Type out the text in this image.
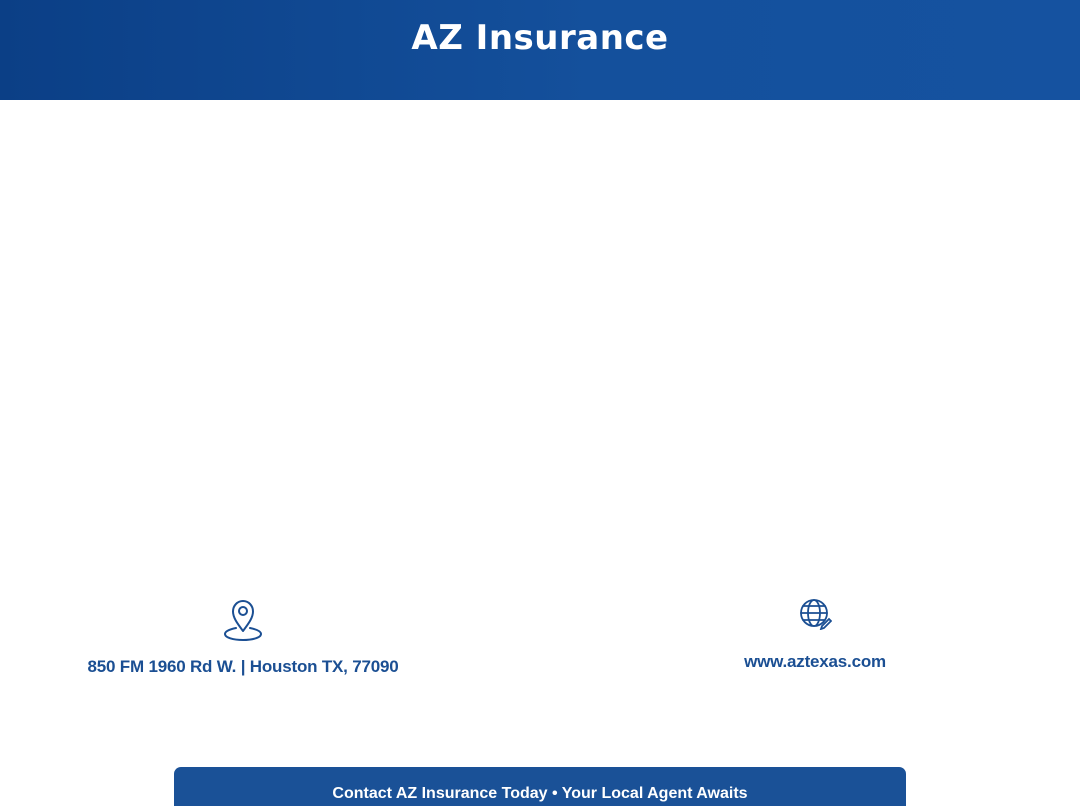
AZ Insurance
850 FM 1960 Rd W. | Houston TX, 77090	www.aztexas.com
Contact AZ Insurance Today • Your Local Agent Awaits
